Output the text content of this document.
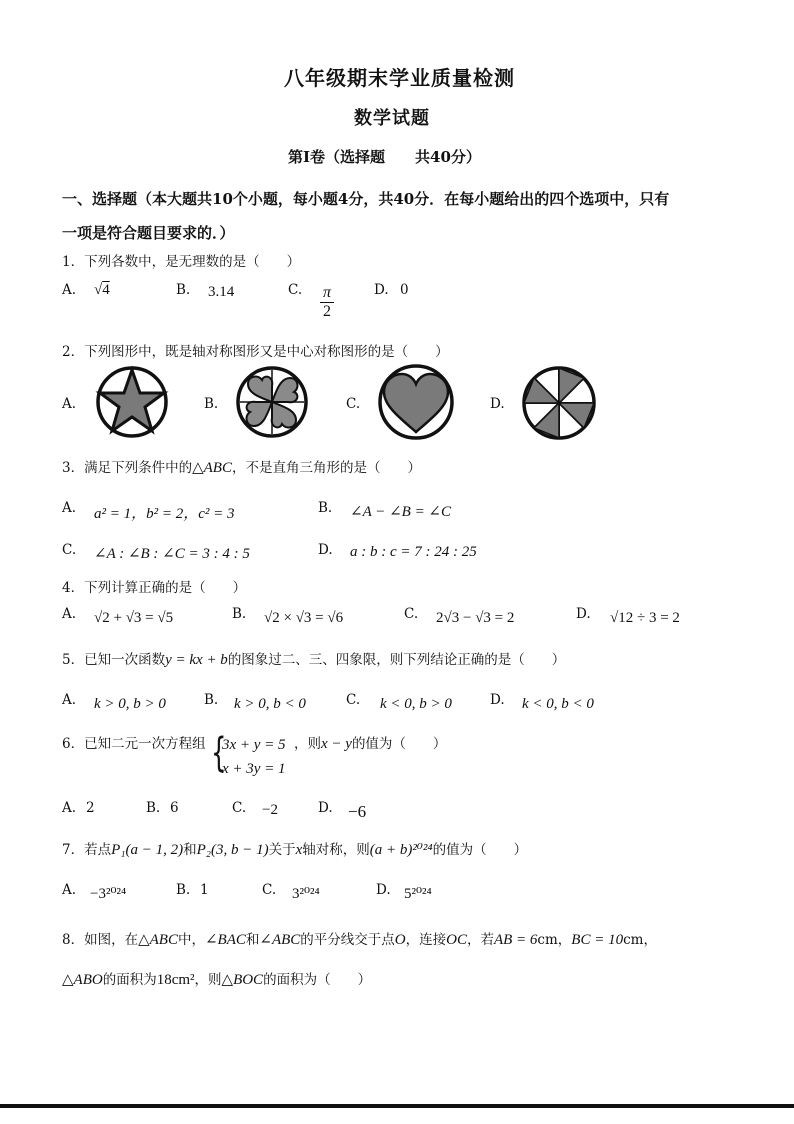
八年级期末学业质量检测
数学试题
第Ⅰ卷（选择题　　共40分）
一、选择题（本大题共10个小题，每小题4分，共40分．在每小题给出的四个选项中，只有
一项是符合题目要求的．）
1．下列各数中，是无理数的是（　　）
A. √4	B. 3.14	C. $\frac{\pi}{2}$	D. 0
2．下列图形中，既是轴对称图形又是中心对称图形的是（　　）
A.	B.	C.	D.
3．满足下列条件中的△ABC，不是直角三角形的是（　　）
A. a² = 1，b² = 2，c² = 3	B. ∠A − ∠B = ∠C
C. ∠A : ∠B : ∠C = 3 : 4 : 5	D. a : b : c = 7 : 24 : 25
4．下列计算正确的是（　　）
A. √2 + √3 = √5	B. √2 × √3 = √6	C. 2√3 − √3 = 2	D. √12 ÷ 3 = 2
5．已知一次函数y = kx + b的图象过二、三、四象限，则下列结论正确的是（　　）
A. k > 0, b > 0	B. k > 0, b < 0	C. k < 0, b > 0	D. k < 0, b < 0
6．已知二元一次方程组 {
3x + y = 5
x + 3y = 1
，则x − y的值为（　　）
A. 2	B. 6	C. −2	D. −6
7．若点P₁(a − 1, 2)和P₂(3, b − 1)关于x轴对称，则(a + b)²⁰²⁴的值为（　　）
A. −3²⁰²⁴	B. 1	C. 3²⁰²⁴	D. 5²⁰²⁴
8．如图，在△ABC中，∠BAC和∠ABC的平分线交于点O，连接OC，若AB = 6cm，BC = 10cm，
△ABO的面积为18cm²，则△BOC的面积为（　　）
